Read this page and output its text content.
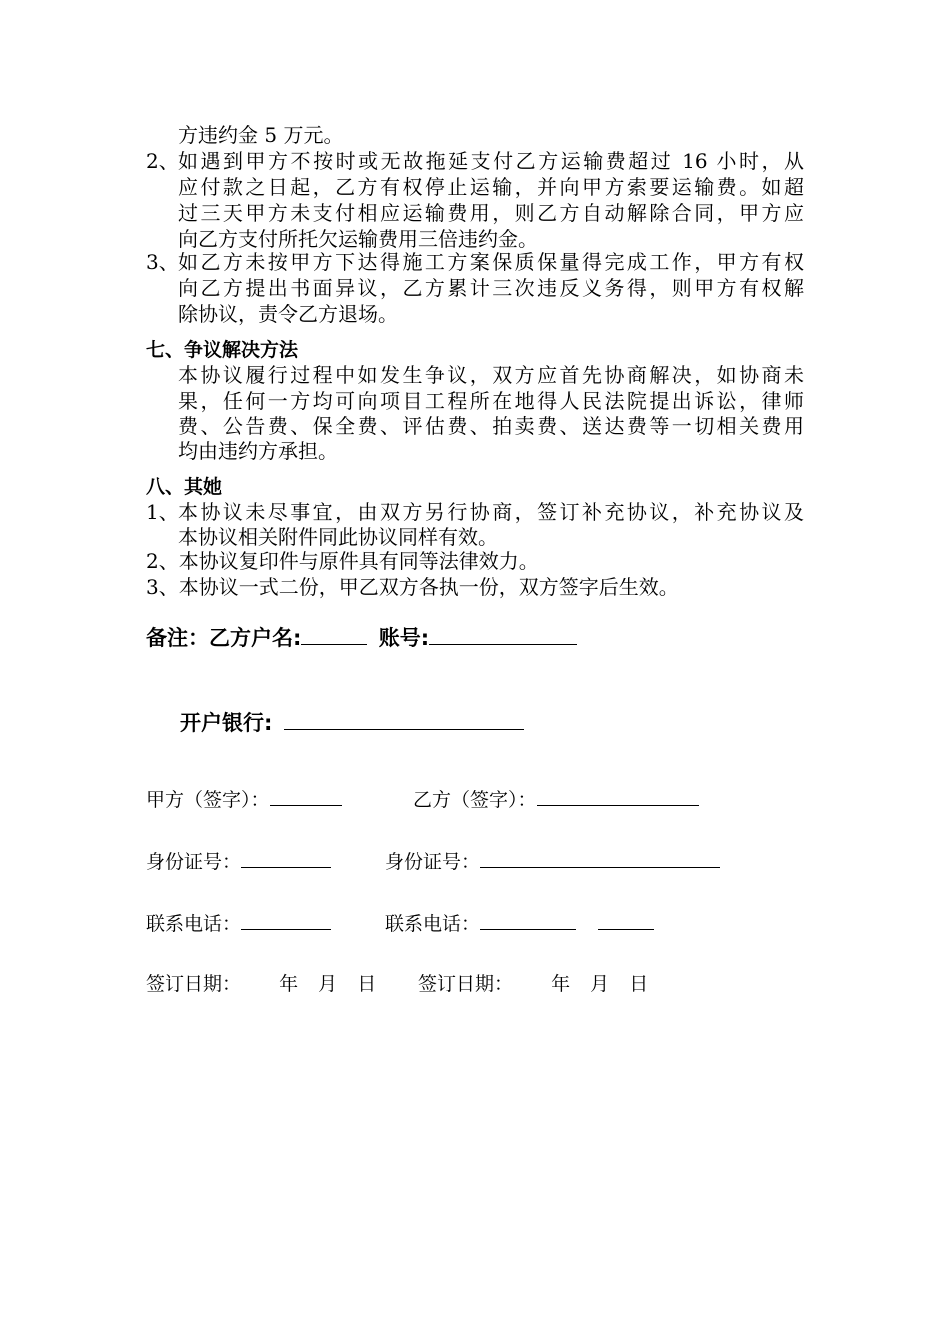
方违约金 5 万元。
2、 如遇到甲方不按时或无故拖延支付乙方运输费超过 16 小时，从
应付款之日起，乙方有权停止运输，并向甲方索要运输费。如超
过三天甲方未支付相应运输费用，则乙方自动解除合同，甲方应
向乙方支付所托欠运输费用三倍违约金。
3、 如乙方未按甲方下达得施工方案保质保量得完成工作，甲方有权
向乙方提出书面异议，乙方累计三次违反义务得，则甲方有权解
除协议，责令乙方退场。
七、争议解决方法
本协议履行过程中如发生争议，双方应首先协商解决，如协商未
果，任何一方均可向项目工程所在地得人民法院提出诉讼，律师
费、公告费、保全费、评估费、拍卖费、送达费等一切相关费用
均由违约方承担。
八、其她
1、 本协议未尽事宜，由双方另行协商，签订补充协议，补充协议及
本协议相关附件同此协议同样有效。
2、本协议复印件与原件具有同等法律效力。
3、本协议一式二份，甲乙双方各执一份，双方签字后生效。
备注：乙方户名:	账号:
开户银行:
甲方（签字）：	乙方（签字）：
身份证号：	身份证号：
联系电话：	联系电话：
签订日期： 年 月 日 签订日期： 年 月 日
